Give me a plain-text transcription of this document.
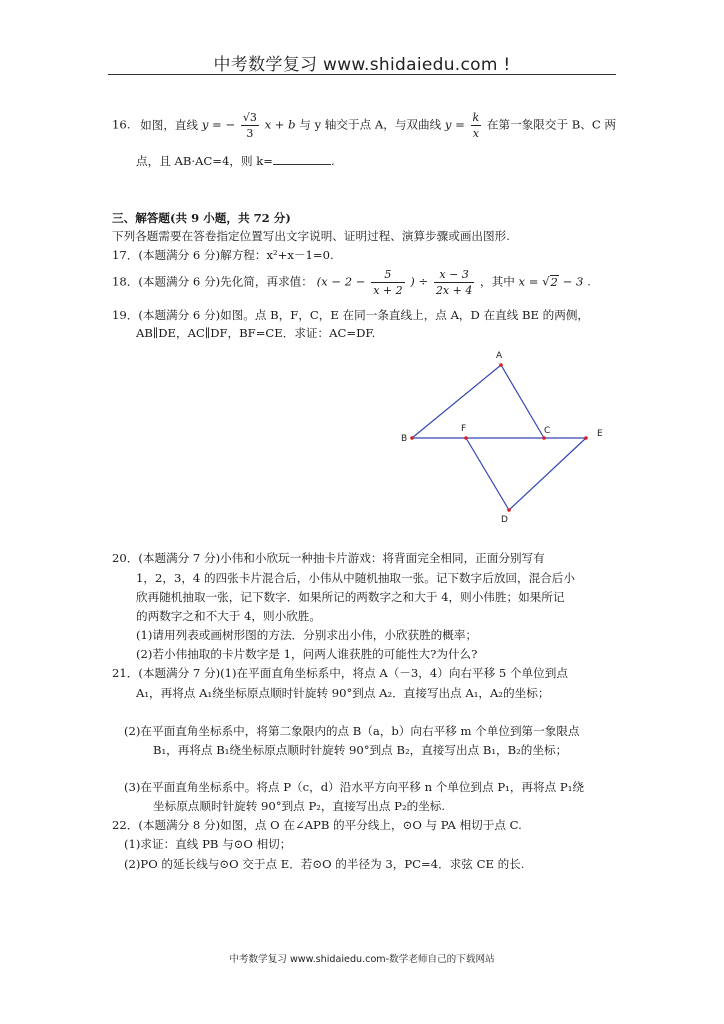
中考数学复习 www.shidaiedu.com !
16. 如图，直线 y = − $\frac{√3}{3}$ x + b 与 y 轴交于点 A，与双曲线 $y = \frac{k}{x}$ 在第一象限交于 B、C 两
点，且 AB·AC=4，则 k=	.
三、解答题(共 9 小题，共 72 分)
下列各题需要在答卷指定位置写出文字说明、证明过程、演算步骤或画出图形.
17．(本题满分 6 分)解方程：x²+x－1=0.
18．(本题满分 6 分)先化简，再求值： ($x - 2 - \frac{5}{x + 2}$ ) ÷ $\frac{x - 3}{2x + 4}$ ，其中 x = √2 − 3 .
19．(本题满分 6 分)如图。点 B，F，C，E 在同一条直线上，点 A，D 在直线 BE 的两侧，
AB∥DE，AC∥DF，BF=CE．求证：AC=DF.
A
B
F	C	E
D
20．(本题满分 7 分)小伟和小欣玩一种抽卡片游戏：将背面完全相同，正面分别写有
1，2，3，4 的四张卡片混合后，小伟从中随机抽取一张。记下数字后放回，混合后小
欣再随机抽取一张，记下数字．如果所记的两数字之和大于 4，则小伟胜；如果所记
的两数字之和不大于 4，则小欣胜。
(1)请用列表或画树形图的方法．分别求出小伟，小欣获胜的概率；
(2)若小伟抽取的卡片数字是 1，问两人谁获胜的可能性大?为什么?
21．(本题满分 7 分)(1)在平面直角坐标系中，将点 A（－3，4）向右平移 5 个单位到点
A₁，再将点 A₁绕坐标原点顺时针旋转 90°到点 A₂．直接写出点 A₁，A₂的坐标；
(2)在平面直角坐标系中，将第二象限内的点 B（a，b）向右平移 m 个单位到第一象限点
B₁，再将点 B₁绕坐标原点顺时针旋转 90°到点 B₂，直接写出点 B₁，B₂的坐标；
(3)在平面直角坐标系中。将点 P（c，d）沿水平方向平移 n 个单位到点 P₁，再将点 P₁绕
坐标原点顺时针旋转 90°到点 P₂，直接写出点 P₂的坐标.
22．(本题满分 8 分)如图，点 O 在∠APB 的平分线上，⊙O 与 PA 相切于点 C.
(1)求证：直线 PB 与⊙O 相切；
(2)PO 的延长线与⊙O 交于点 E．若⊙O 的半径为 3，PC=4．求弦 CE 的长.
中考数学复习 www.shidaiedu.com-数学老师自己的下载网站
